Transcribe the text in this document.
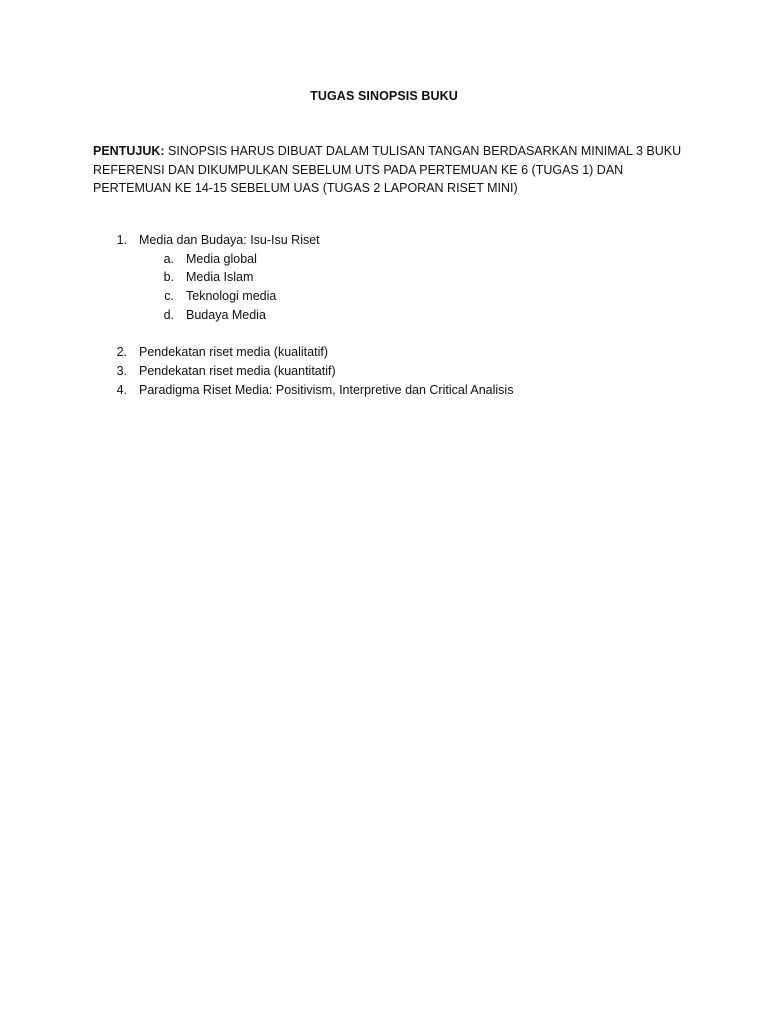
TUGAS SINOPSIS BUKU

PENTUJUK: SINOPSIS HARUS DIBUAT DALAM TULISAN TANGAN BERDASARKAN MINIMAL 3 BUKU REFERENSI DAN DIKUMPULKAN SEBELUM UTS PADA PERTEMUAN KE 6 (TUGAS 1) DAN PERTEMUAN KE 14-15 SEBELUM UAS (TUGAS 2 LAPORAN RISET MINI)

1. Media dan Budaya: Isu-Isu Riset
a. Media global
b. Media Islam
c. Teknologi media
d. Budaya Media
2. Pendekatan riset media (kualitatif)
3. Pendekatan riset media (kuantitatif)
4. Paradigma Riset Media: Positivism, Interpretive dan Critical Analisis
